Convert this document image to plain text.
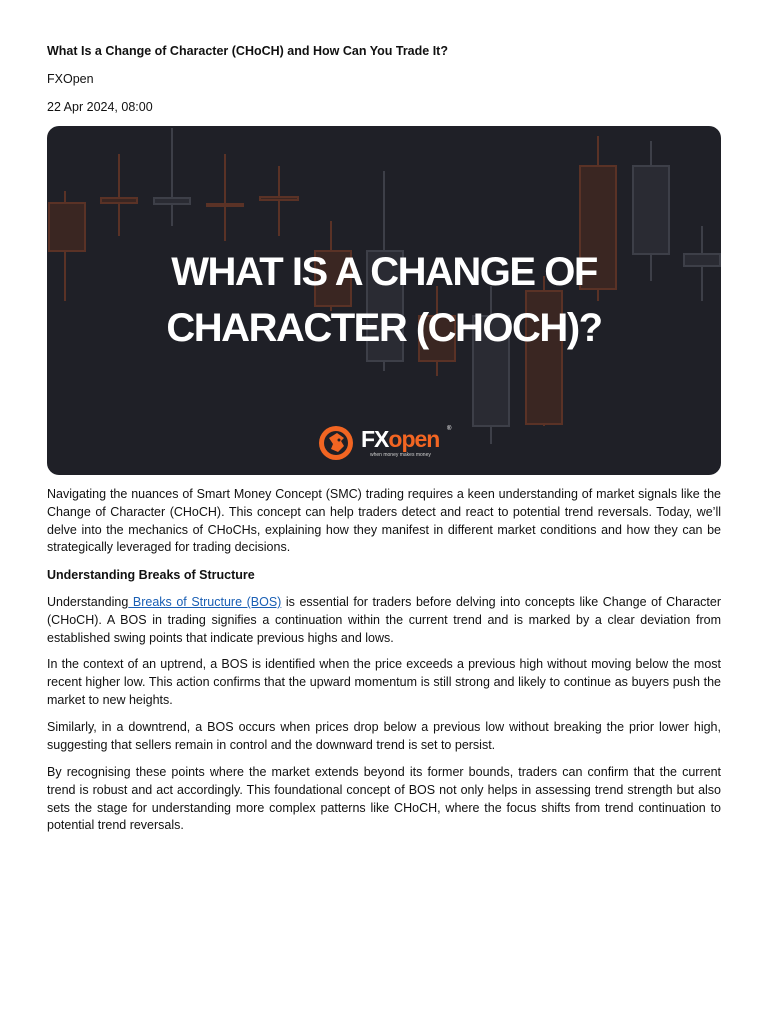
What Is a Change of Character (CHoCH) and How Can You Trade It?
FXOpen
22 Apr 2024, 08:00
WHAT IS A CHANGE OF
CHARACTER (CHOCH)?
FXopen ®
when money makes money

Navigating the nuances of Smart Money Concept (SMC) trading requires a keen understanding of market signals like the Change of Character (CHoCH). This concept can help traders detect and react to potential trend reversals. Today, we’ll delve into the mechanics of CHoCHs, explaining how they manifest in different market conditions and how they can be strategically leveraged for trading decisions.

Understanding Breaks of Structure

Understanding Breaks of Structure (BOS) is essential for traders before delving into concepts like Change of Character (CHoCH). A BOS in trading signifies a continuation within the current trend and is marked by a clear deviation from established swing points that indicate previous highs and lows.

In the context of an uptrend, a BOS is identified when the price exceeds a previous high without moving below the most recent higher low. This action confirms that the upward momentum is still strong and likely to continue as buyers push the market to new heights.

Similarly, in a downtrend, a BOS occurs when prices drop below a previous low without breaking the prior lower high, suggesting that sellers remain in control and the downward trend is set to persist.

By recognising these points where the market extends beyond its former bounds, traders can confirm that the current trend is robust and act accordingly. This foundational concept of BOS not only helps in assessing trend strength but also sets the stage for understanding more complex patterns like CHoCH, where the focus shifts from trend continuation to potential trend reversals.
